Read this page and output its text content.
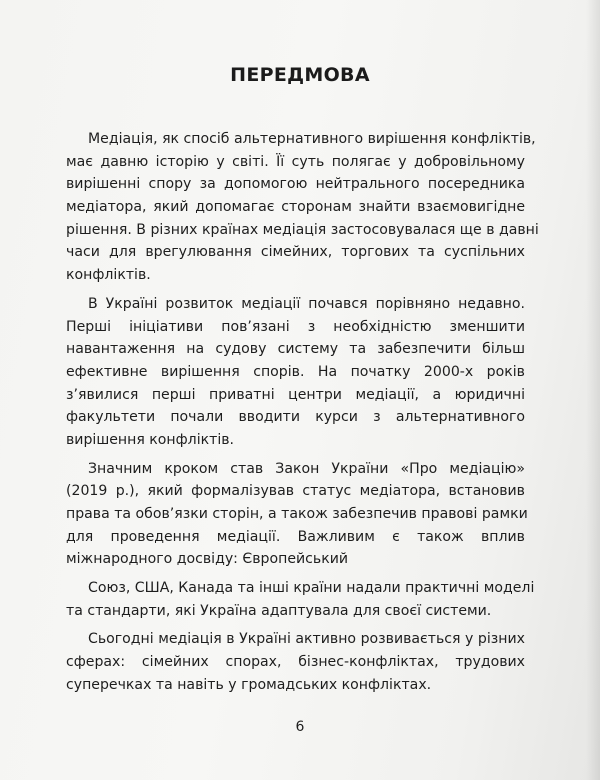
ПЕРЕДМОВА
Медіація, як спосіб альтернативного вирішення конфліктів,
має давню історію у світі. Її суть полягає у добровільному
вирішенні спору за допомогою нейтрального посередника
медіатора, який допомагає сторонам знайти взаємовигідне
рішення. В різних країнах медіація застосовувалася ще в давні
часи для врегулювання сімейних, торгових та суспільних
конфліктів.
В Україні розвиток медіації почався порівняно недавно.
Перші ініціативи пов’язані з необхідністю зменшити
навантаження на судову систему та забезпечити більш
ефективне вирішення спорів. На початку 2000-х років
з’явилися перші приватні центри медіації, а юридичні
факультети почали вводити курси з альтернативного
вирішення конфліктів.
Значним кроком став Закон України «Про медіацію»
(2019 р.), який формалізував статус медіатора, встановив
права та обов’язки сторін, а також забезпечив правові рамки
для проведення медіації. Важливим є також вплив
міжнародного досвіду: Європейський
Союз, США, Канада та інші країни надали практичні моделі
та стандарти, які Україна адаптувала для своєї системи.
Сьогодні медіація в Україні активно розвивається у різних
сферах: сімейних спорах, бізнес-конфліктах, трудових
суперечках та навіть у громадських конфліктах.
6
